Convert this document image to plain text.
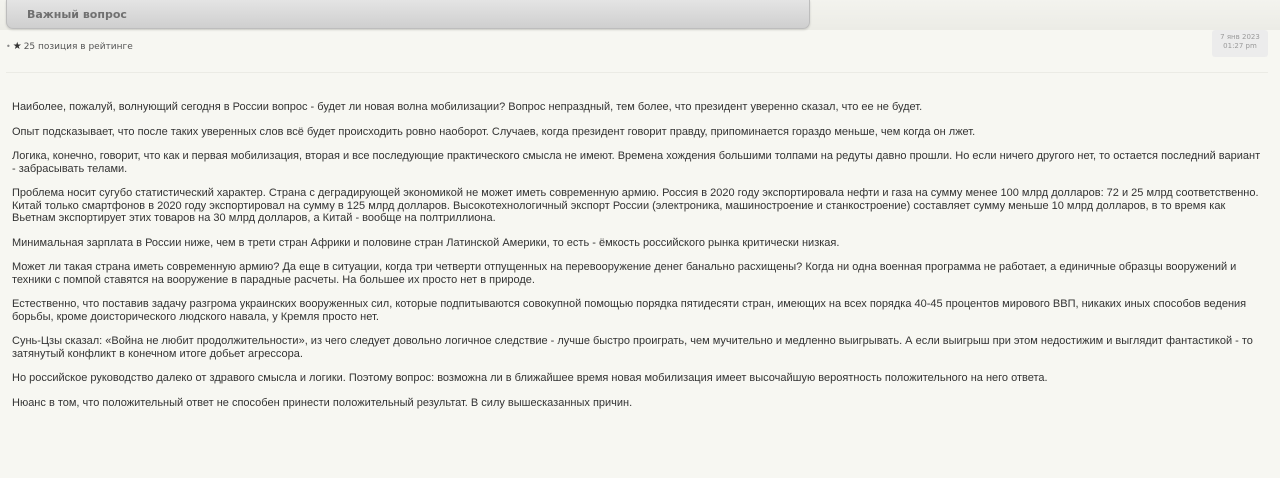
Важный вопрос
• ★ 25 позиция в рейтинге
7 янв 2023
01:27 pm

Наиболее, пожалуй, волнующий сегодня в России вопрос - будет ли новая волна мобилизации? Вопрос непраздный, тем более, что президент уверенно сказал, что ее не будет.

Опыт подсказывает, что после таких уверенных слов всё будет происходить ровно наоборот. Случаев, когда президент говорит правду, припоминается гораздо меньше, чем когда он лжет.

Логика, конечно, говорит, что как и первая мобилизация, вторая и все последующие практического смысла не имеют. Времена хождения большими толпами на редуты давно прошли. Но если ничего другого нет, то остается последний вариант - забрасывать телами.

Проблема носит сугубо статистический характер. Страна с деградирующей экономикой не может иметь современную армию. Россия в 2020 году экспортировала нефти и газа на сумму менее 100 млрд долларов: 72 и 25 млрд соответственно. Китай только смартфонов в 2020 году экспортировал на сумму в 125 млрд долларов. Высокотехнологичный экспорт России (электроника, машиностроение и станкостроение) составляет сумму меньше 10 млрд долларов, в то время как Вьетнам экспортирует этих товаров на 30 млрд долларов, а Китай - вообще на полтриллиона.

Минимальная зарплата в России ниже, чем в трети стран Африки и половине стран Латинской Америки, то есть - ёмкость российского рынка критически низкая.

Может ли такая страна иметь современную армию? Да еще в ситуации, когда три четверти отпущенных на перевооружение денег банально расхищены? Когда ни одна военная программа не работает, а единичные образцы вооружений и техники с помпой ставятся на вооружение в парадные расчеты. На большее их просто нет в природе.

Естественно, что поставив задачу разгрома украинских вооруженных сил, которые подпитываются совокупной помощью порядка пятидесяти стран, имеющих на всех порядка 40-45 процентов мирового ВВП, никаких иных способов ведения борьбы, кроме доисторического людского навала, у Кремля просто нет.

Сунь-Цзы сказал: «Война не любит продолжительности», из чего следует довольно логичное следствие - лучше быстро проиграть, чем мучительно и медленно выигрывать. А если выигрыш при этом недостижим и выглядит фантастикой - то затянутый конфликт в конечном итоге добьет агрессора.

Но российское руководство далеко от здравого смысла и логики. Поэтому вопрос: возможна ли в ближайшее время новая мобилизация имеет высочайшую вероятность положительного на него ответа.

Нюанс в том, что положительный ответ не способен принести положительный результат. В силу вышесказанных причин.
